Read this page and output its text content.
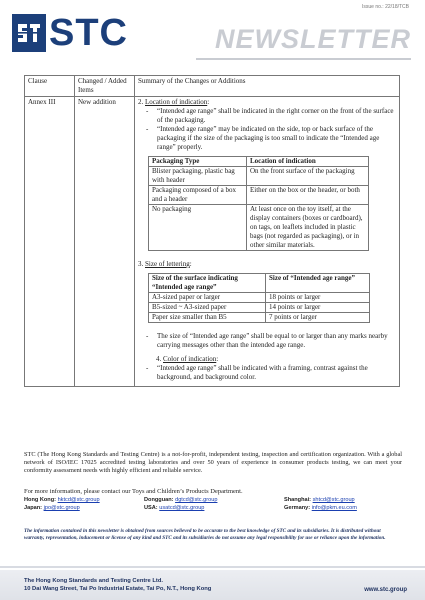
Issue no.: 22/18/TCB
STC	NEWSLETTER
Clause	Changed / Added Items	Summary of the Changes or Additions
Annex III	New addition	2. Location of indication:
- “Intended age range” shall be indicated in the right corner on the front of the surface of the packaging.
- “Intended age range” may be indicated on the side, top or back surface of the packaging if the size of the packaging is too small to indicate the “Intended age range” properly.
Packaging Type	Location of indication
Blister packaging, plastic bag with header	On the front surface of the packaging
Packaging composed of a box and a header	Either on the box or the header, or both
No packaging	At least once on the toy itself, at the display containers (boxes or cardboard), on tags, on leaflets included in plastic bags (not regarded as packaging), or in other similar materials.
3. Size of lettering:
Size of the surface indicating “Intended age range”	Size of “Intended age range”
A3-sized paper or larger	18 points or larger
B5-sized ~ A3-sized paper	14 points or larger
Paper size smaller than B5	7 points or larger
- The size of “Intended age range” shall be equal to or larger than any marks nearby carrying messages other than the intended age range.
4. Color of indication:
- “Intended age range” shall be indicated with a framing, contrast against the background, and background color.
STC (The Hong Kong Standards and Testing Centre) is a not-for-profit, independent testing, inspection and certification organization. With a global network of ISO/IEC 17025 accredited testing laboratories and over 50 years of experience in consumer products testing, we can meet your conformity assessment needs with highly efficient and reliable service.
For more information, please contact our Toys and Children’s Products Department.
Hong Kong: hktcd@stc.group	Dongguan: dgtcd@stc.group	Shanghai: shtcd@stc.group
Japan: jpo@stc.group	USA: usatcd@stc.group	Germany: info@pkm.eu.com
The information contained in this newsletter is obtained from sources believed to be accurate to the best knowledge of STC and its subsidiaries. It is distributed without warranty, representation, inducement or license of any kind and STC and its subsidiaries do not assume any legal responsibility for use or reliance upon the information.
The Hong Kong Standards and Testing Centre Ltd.
10 Dai Wang Street, Tai Po Industrial Estate, Tai Po, N.T., Hong Kong	www.stc.group
